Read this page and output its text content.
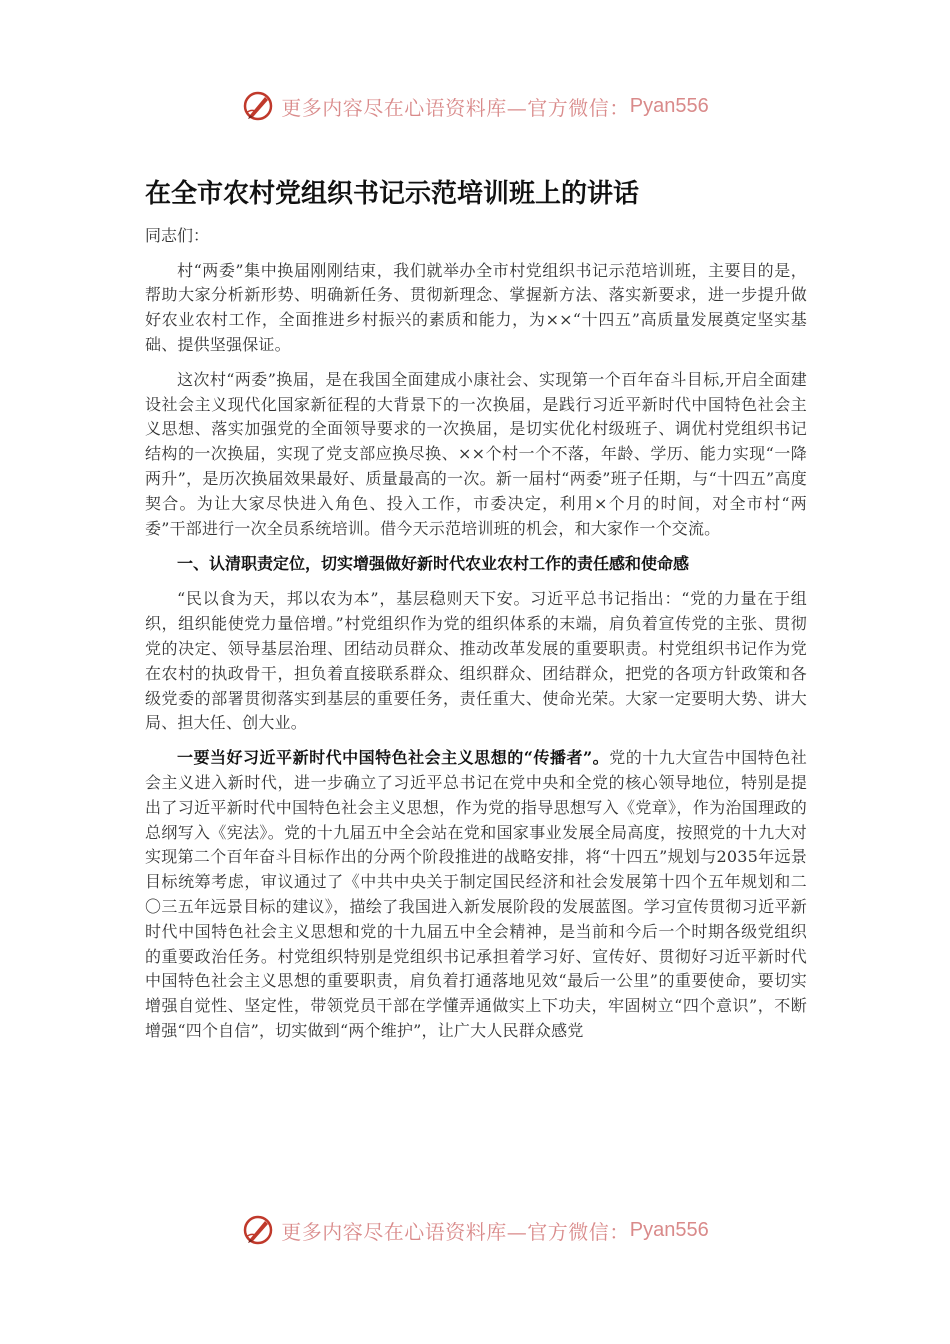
更多内容尽在心语资料库—官方微信： Pyan556
在全市农村党组织书记示范培训班上的讲话

同志们：

村“两委”集中换届刚刚结束，我们就举办全市村党组织书记示范培训班，主要目的是，帮助大家分析新形势、明确新任务、贯彻新理念、掌握新方法、落实新要求，进一步提升做好农业农村工作，全面推进乡村振兴的素质和能力，为××“十四五”高质量发展奠定坚实基础、提供坚强保证。

这次村“两委”换届，是在我国全面建成小康社会、实现第一个百年奋斗目标,开启全面建设社会主义现代化国家新征程的大背景下的一次换届，是践行习近平新时代中国特色社会主义思想、落实加强党的全面领导要求的一次换届，是切实优化村级班子、调优村党组织书记结构的一次换届，实现了党支部应换尽换、××个村一个不落，年龄、学历、能力实现“一降两升”，是历次换届效果最好、质量最高的一次。新一届村“两委”班子任期，与“十四五”高度契合。为让大家尽快进入角色、投入工作，市委决定，利用×个月的时间，对全市村“两委”干部进行一次全员系统培训。借今天示范培训班的机会，和大家作一个交流。

一、认清职责定位，切实增强做好新时代农业农村工作的责任感和使命感

“民以食为天，邦以农为本”，基层稳则天下安。习近平总书记指出：“党的力量在于组织，组织能使党力量倍增。”村党组织作为党的组织体系的末端，肩负着宣传党的主张、贯彻党的决定、领导基层治理、团结动员群众、推动改革发展的重要职责。村党组织书记作为党在农村的执政骨干，担负着直接联系群众、组织群众、团结群众，把党的各项方针政策和各级党委的部署贯彻落实到基层的重要任务，责任重大、使命光荣。大家一定要明大势、讲大局、担大任、创大业。

一要当好习近平新时代中国特色社会主义思想的“传播者”。党的十九大宣告中国特色社会主义进入新时代，进一步确立了习近平总书记在党中央和全党的核心领导地位，特别是提出了习近平新时代中国特色社会主义思想，作为党的指导思想写入《党章》，作为治国理政的总纲写入《宪法》。党的十九届五中全会站在党和国家事业发展全局高度，按照党的十九大对实现第二个百年奋斗目标作出的分两个阶段推进的战略安排，将“十四五”规划与2035年远景目标统筹考虑，审议通过了《中共中央关于制定国民经济和社会发展第十四个五年规划和二〇三五年远景目标的建议》，描绘了我国进入新发展阶段的发展蓝图。学习宣传贯彻习近平新时代中国特色社会主义思想和党的十九届五中全会精神，是当前和今后一个时期各级党组织的重要政治任务。村党组织特别是党组织书记承担着学习好、宣传好、贯彻好习近平新时代中国特色社会主义思想的重要职责，肩负着打通落地见效“最后一公里”的重要使命，要切实增强自觉性、坚定性，带领党员干部在学懂弄通做实上下功夫，牢固树立“四个意识”，不断增强“四个自信”，切实做到“两个维护”，让广大人民群众感党

更多内容尽在心语资料库—官方微信： Pyan556
